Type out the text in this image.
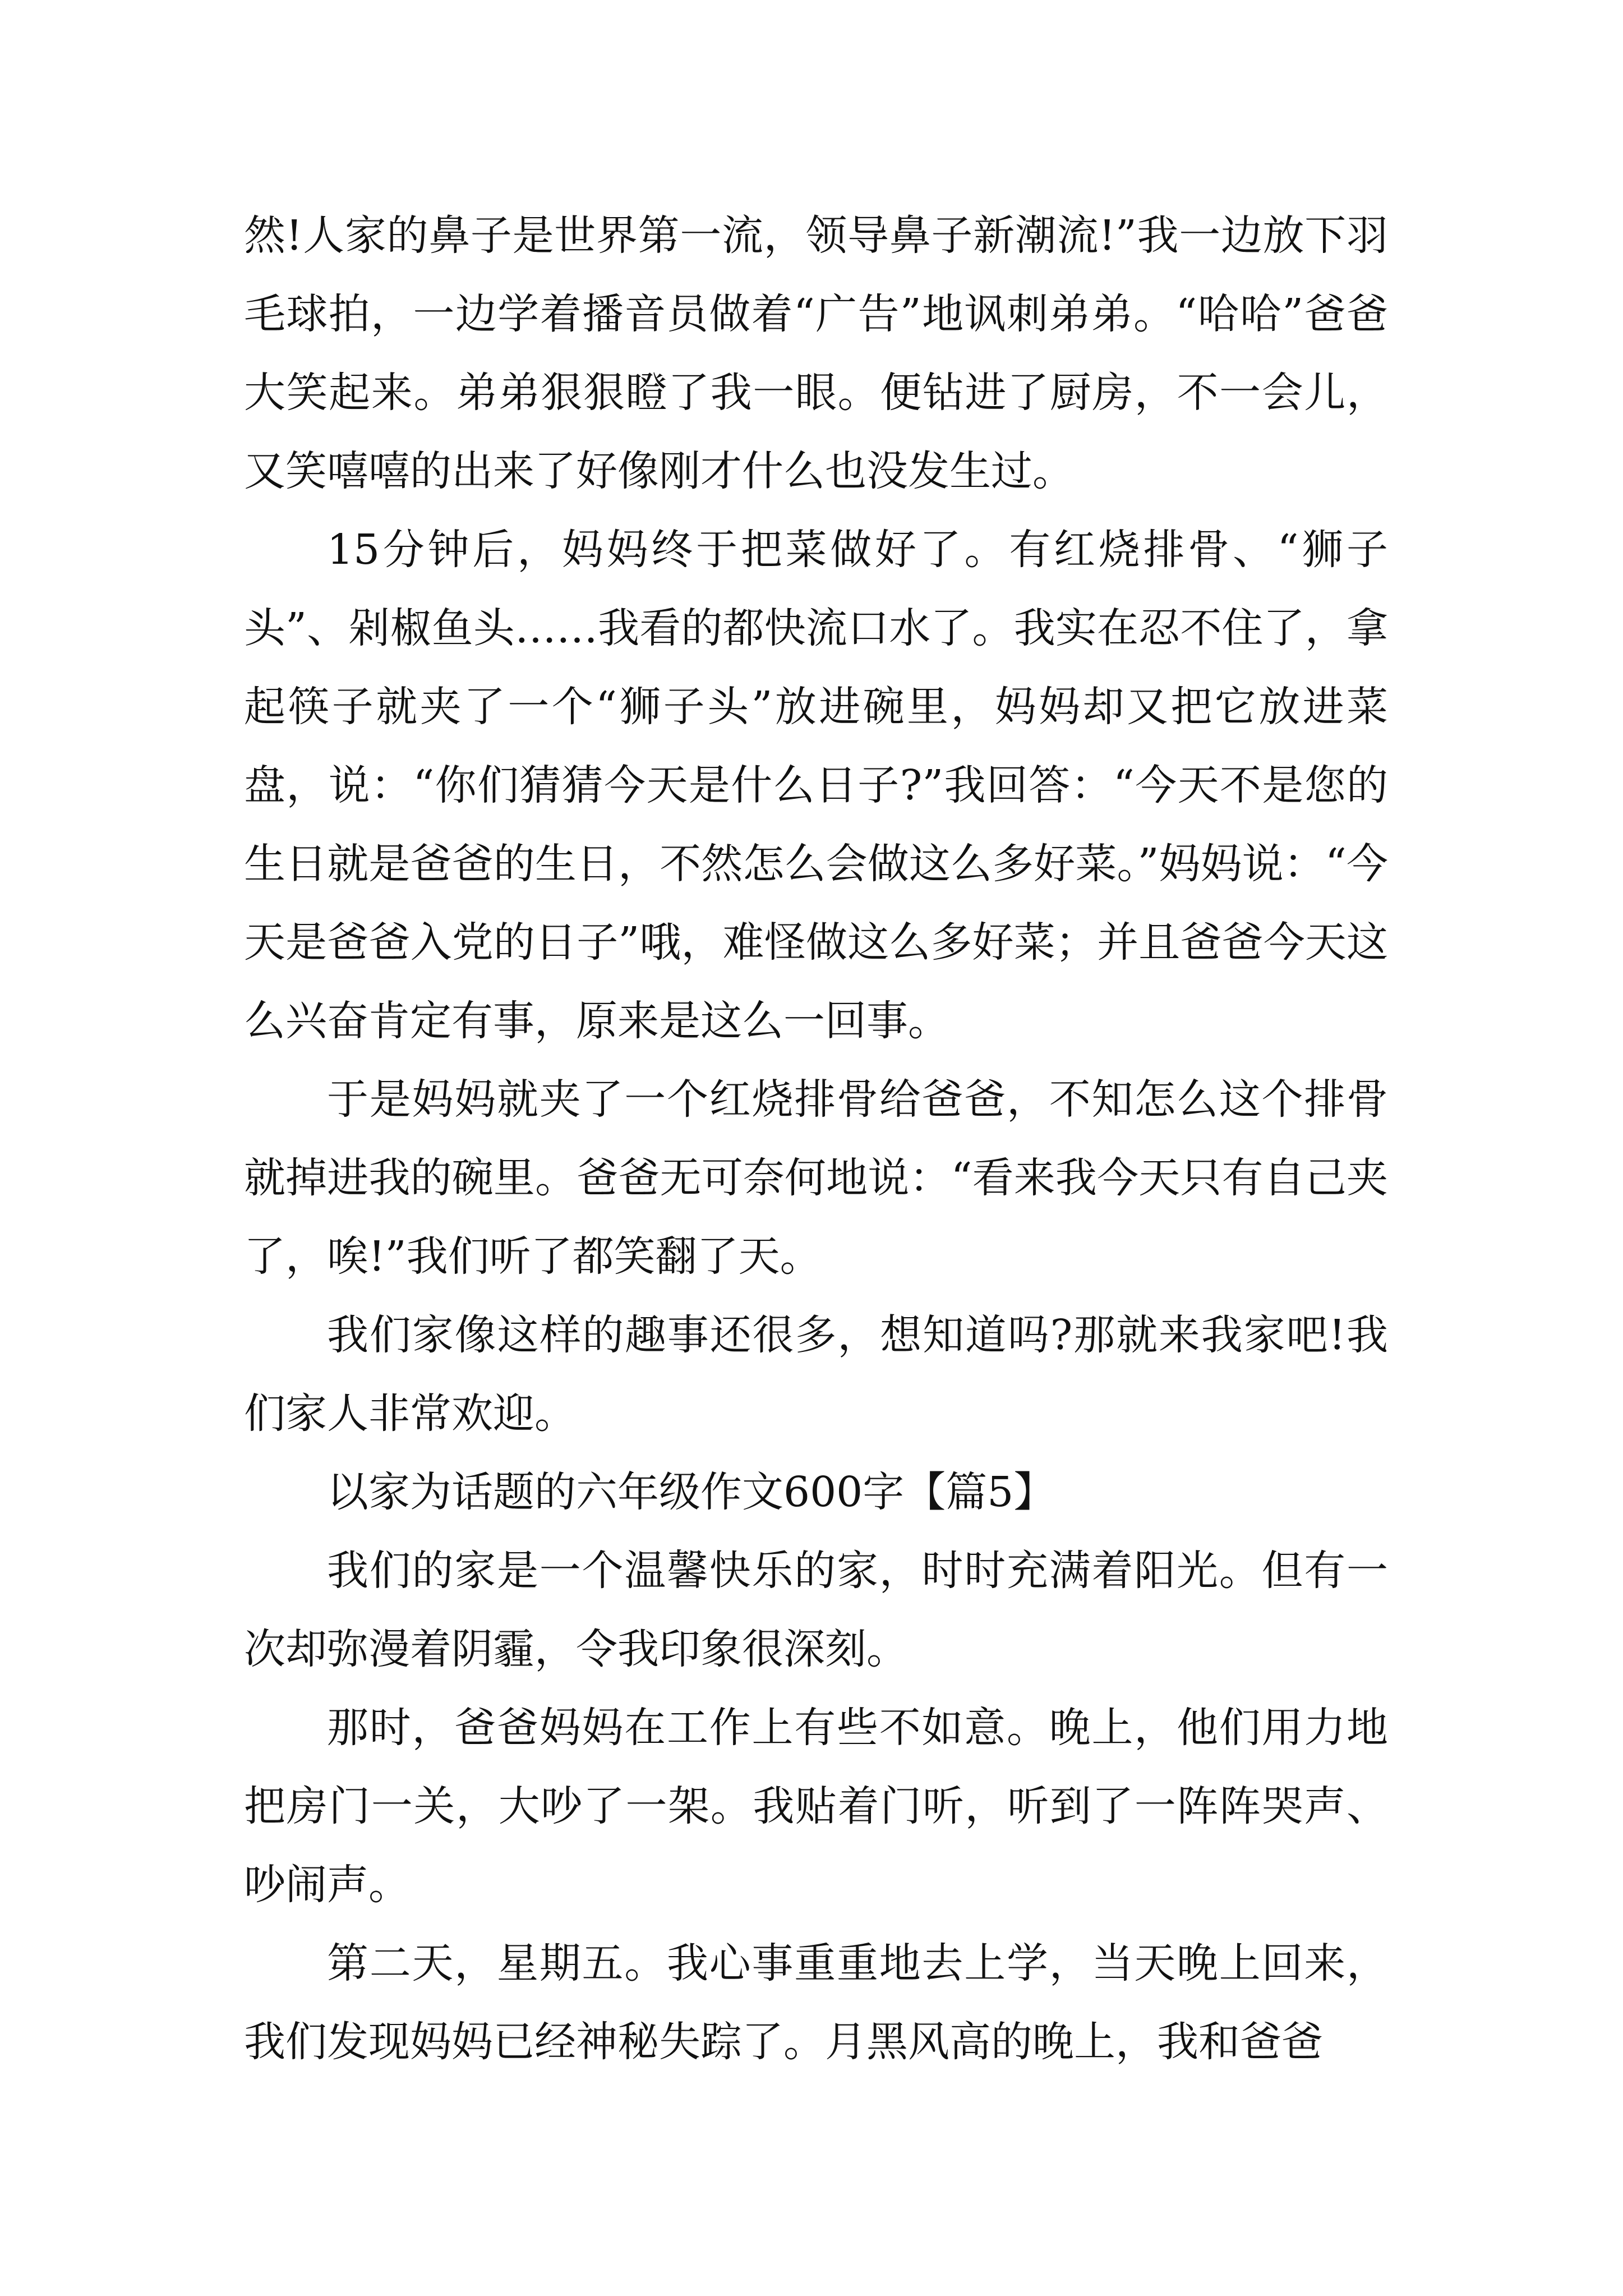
然!人家的鼻子是世界第一流，领导鼻子新潮流!”我一边放下羽毛球拍，一边学着播音员做着“广告”地讽刺弟弟。“哈哈”爸爸大笑起来。弟弟狠狠瞪了我一眼。便钻进了厨房，不一会儿，又笑嘻嘻的出来了好像刚才什么也没发生过。

15分钟后，妈妈终于把菜做好了。有红烧排骨、“狮子头”、剁椒鱼头……我看的都快流口水了。我实在忍不住了，拿起筷子就夹了一个“狮子头”放进碗里，妈妈却又把它放进菜盘，说：“你们猜猜今天是什么日子?”我回答：“今天不是您的生日就是爸爸的生日，不然怎么会做这么多好菜。”妈妈说：“今天是爸爸入党的日子”哦，难怪做这么多好菜；并且爸爸今天这么兴奋肯定有事，原来是这么一回事。

于是妈妈就夹了一个红烧排骨给爸爸，不知怎么这个排骨就掉进我的碗里。爸爸无可奈何地说：“看来我今天只有自己夹了，唉!”我们听了都笑翻了天。

我们家像这样的趣事还很多，想知道吗?那就来我家吧!我们家人非常欢迎。

以家为话题的六年级作文600字【篇5】

我们的家是一个温馨快乐的家，时时充满着阳光。但有一次却弥漫着阴霾，令我印象很深刻。

那时，爸爸妈妈在工作上有些不如意。晚上，他们用力地把房门一关，大吵了一架。我贴着门听，听到了一阵阵哭声、吵闹声。

第二天，星期五。我心事重重地去上学，当天晚上回来，我们发现妈妈已经神秘失踪了。月黑风高的晚上，我和爸爸
